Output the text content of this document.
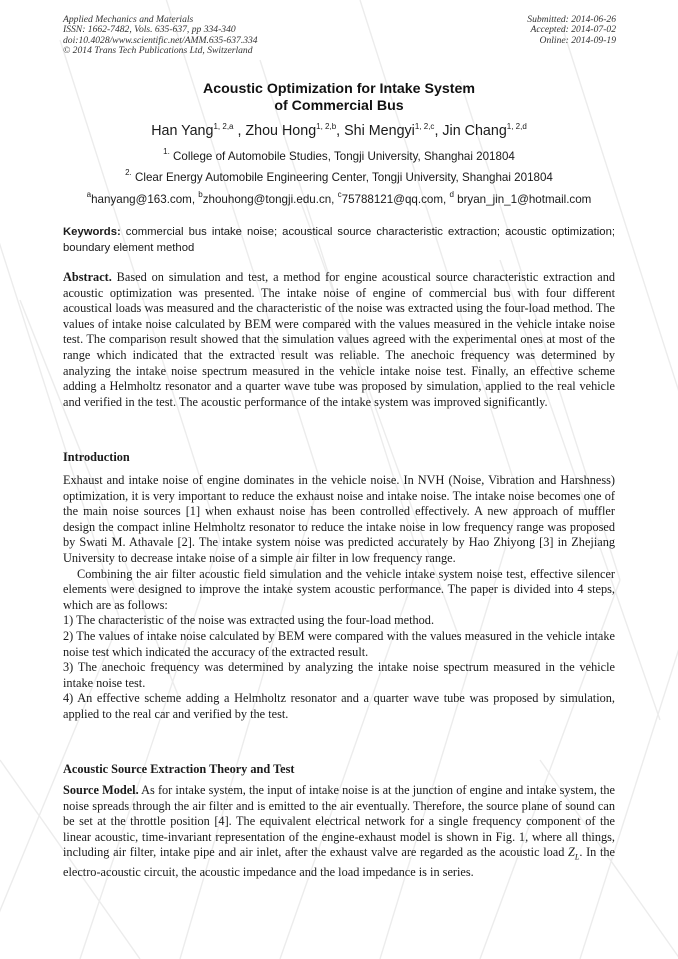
Applied Mechanics and Materials
ISSN: 1662-7482, Vols. 635-637, pp 334-340
doi:10.4028/www.scientific.net/AMM.635-637.334
© 2014 Trans Tech Publications Ltd, Switzerland
Submitted: 2014-06-26
Accepted: 2014-07-02
Online: 2014-09-19
Acoustic Optimization for Intake System
of Commercial Bus
Han Yang$^{1, 2,a}$ , Zhou Hong$^{1, 2,b}$, Shi Mengyi$^{1, 2,c}$, Jin Chang$^{1, 2,d}$
$^{1.}$ College of Automobile Studies, Tongji University, Shanghai 201804
$^{2.}$ Clear Energy Automobile Engineering Center, Tongji University, Shanghai 201804
$^a$hanyang@163.com, $^b$zhouhong@tongji.edu.cn, $^c$75788121@qq.com, $^d$ bryan_jin_1@hotmail.com
Keywords: commercial bus intake noise; acoustical source characteristic extraction; acoustic optimization; boundary element method
Abstract. Based on simulation and test, a method for engine acoustical source characteristic extraction and acoustic optimization was presented. The intake noise of engine of commercial bus with four different acoustical loads was measured and the characteristic of the noise was extracted using the four-load method. The values of intake noise calculated by BEM were compared with the values measured in the vehicle intake noise test. The comparison result showed that the simulation values agreed with the experimental ones at most of the range which indicated that the extracted result was reliable. The anechoic frequency was determined by analyzing the intake noise spectrum measured in the vehicle intake noise test. Finally, an effective scheme adding a Helmholtz resonator and a quarter wave tube was proposed by simulation, applied to the real vehicle and verified in the test. The acoustic performance of the intake system was improved significantly.
Introduction

Exhaust and intake noise of engine dominates in the vehicle noise. In NVH (Noise, Vibration and Harshness) optimization, it is very important to reduce the exhaust noise and intake noise. The intake noise becomes one of the main noise sources [1] when exhaust noise has been controlled effectively. A new approach of muffler design the compact inline Helmholtz resonator to reduce the intake noise in low frequency range was proposed by Swati M. Athavale [2]. The intake system noise was predicted accurately by Hao Zhiyong [3] in Zhejiang University to decrease intake noise of a simple air filter in low frequency range.

Combining the air filter acoustic field simulation and the vehicle intake system noise test, effective silencer elements were designed to improve the intake system acoustic performance. The paper is divided into 4 steps, which are as follows:

1) The characteristic of the noise was extracted using the four-load method.

2) The values of intake noise calculated by BEM were compared with the values measured in the vehicle intake noise test which indicated the accuracy of the extracted result.

3) The anechoic frequency was determined by analyzing the intake noise spectrum measured in the vehicle intake noise test.

4) An effective scheme adding a Helmholtz resonator and a quarter wave tube was proposed by simulation, applied to the real car and verified by the test.

Acoustic Source Extraction Theory and Test
Source Model. As for intake system, the input of intake noise is at the junction of engine and intake system, the noise spreads through the air filter and is emitted to the air eventually. Therefore, the source plane of sound can be set at the throttle position [4]. The equivalent electrical network for a single frequency component of the linear acoustic, time-invariant representation of the engine-exhaust model is shown in Fig. 1, where all things, including air filter, intake pipe and air inlet, after the exhaust valve are regarded as the acoustic load $Z_L$. In the electro-acoustic circuit, the acoustic impedance and the load impedance is in series.
